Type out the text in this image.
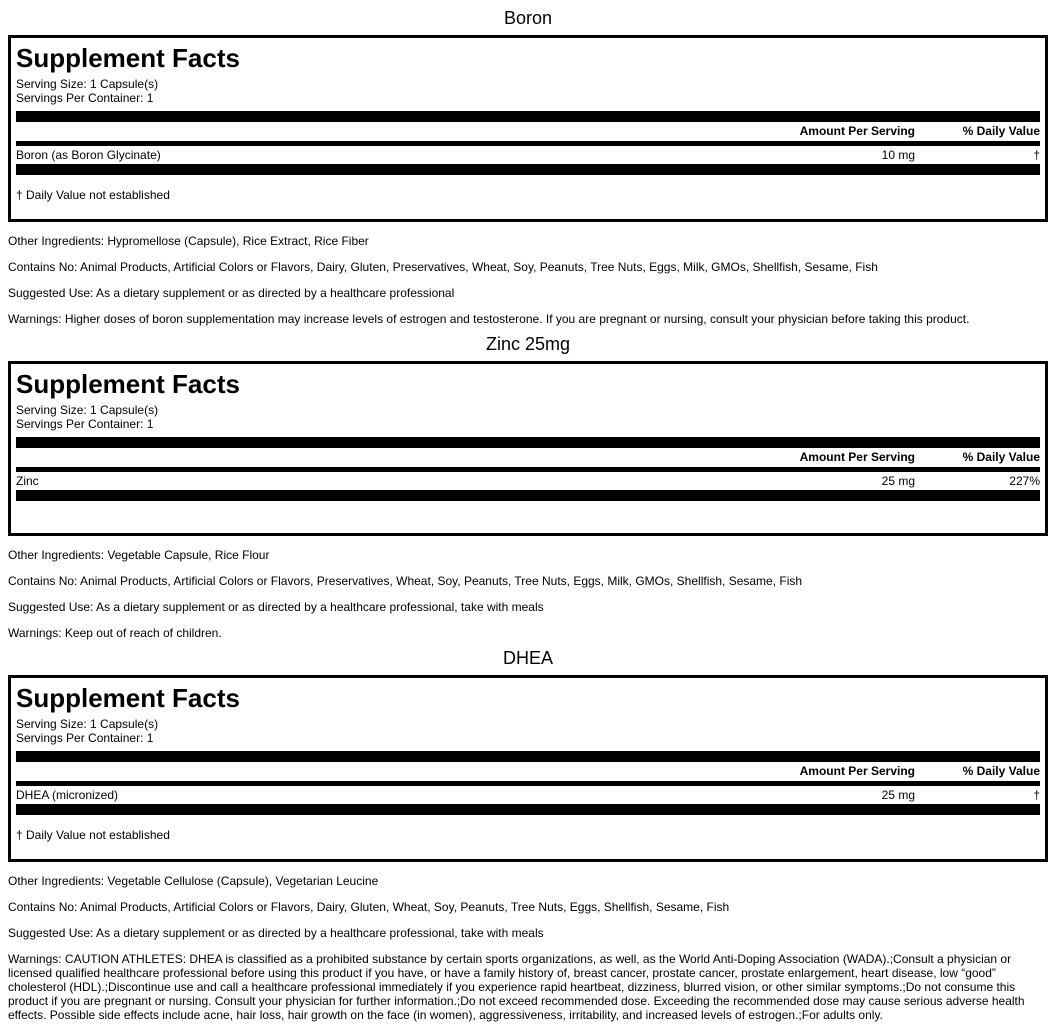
Boron
Supplement Facts
Serving Size: 1 Capsule(s)
Servings Per Container: 1
Amount Per Serving	% Daily Value
Boron (as Boron Glycinate)	10 mg	†
† Daily Value not established

Other Ingredients: Hypromellose (Capsule), Rice Extract, Rice Fiber

Contains No: Animal Products, Artificial Colors or Flavors, Dairy, Gluten, Preservatives, Wheat, Soy, Peanuts, Tree Nuts, Eggs, Milk, GMOs, Shellfish, Sesame, Fish

Suggested Use: As a dietary supplement or as directed by a healthcare professional

Warnings: Higher doses of boron supplementation may increase levels of estrogen and testosterone. If you are pregnant or nursing, consult your physician before taking this product.

Zinc 25mg
Supplement Facts
Serving Size: 1 Capsule(s)
Servings Per Container: 1
Amount Per Serving	% Daily Value
Zinc	25 mg	227%

Other Ingredients: Vegetable Capsule, Rice Flour

Contains No: Animal Products, Artificial Colors or Flavors, Preservatives, Wheat, Soy, Peanuts, Tree Nuts, Eggs, Milk, GMOs, Shellfish, Sesame, Fish

Suggested Use: As a dietary supplement or as directed by a healthcare professional, take with meals

Warnings: Keep out of reach of children.

DHEA
Supplement Facts
Serving Size: 1 Capsule(s)
Servings Per Container: 1
Amount Per Serving	% Daily Value
DHEA (micronized)	25 mg	†
† Daily Value not established

Other Ingredients: Vegetable Cellulose (Capsule), Vegetarian Leucine

Contains No: Animal Products, Artificial Colors or Flavors, Dairy, Gluten, Wheat, Soy, Peanuts, Tree Nuts, Eggs, Shellfish, Sesame, Fish

Suggested Use: As a dietary supplement or as directed by a healthcare professional, take with meals

Warnings: CAUTION ATHLETES: DHEA is classified as a prohibited substance by certain sports organizations, as well, as the World Anti-Doping Association (WADA).;Consult a physician or licensed qualified healthcare professional before using this product if you have, or have a family history of, breast cancer, prostate cancer, prostate enlargement, heart disease, low “good” cholesterol (HDL).;Discontinue use and call a healthcare professional immediately if you experience rapid heartbeat, dizziness, blurred vision, or other similar symptoms.;Do not consume this product if you are pregnant or nursing. Consult your physician for further information.;Do not exceed recommended dose. Exceeding the recommended dose may cause serious adverse health effects. Possible side effects include acne, hair loss, hair growth on the face (in women), aggressiveness, irritability, and increased levels of estrogen.;For adults only.
